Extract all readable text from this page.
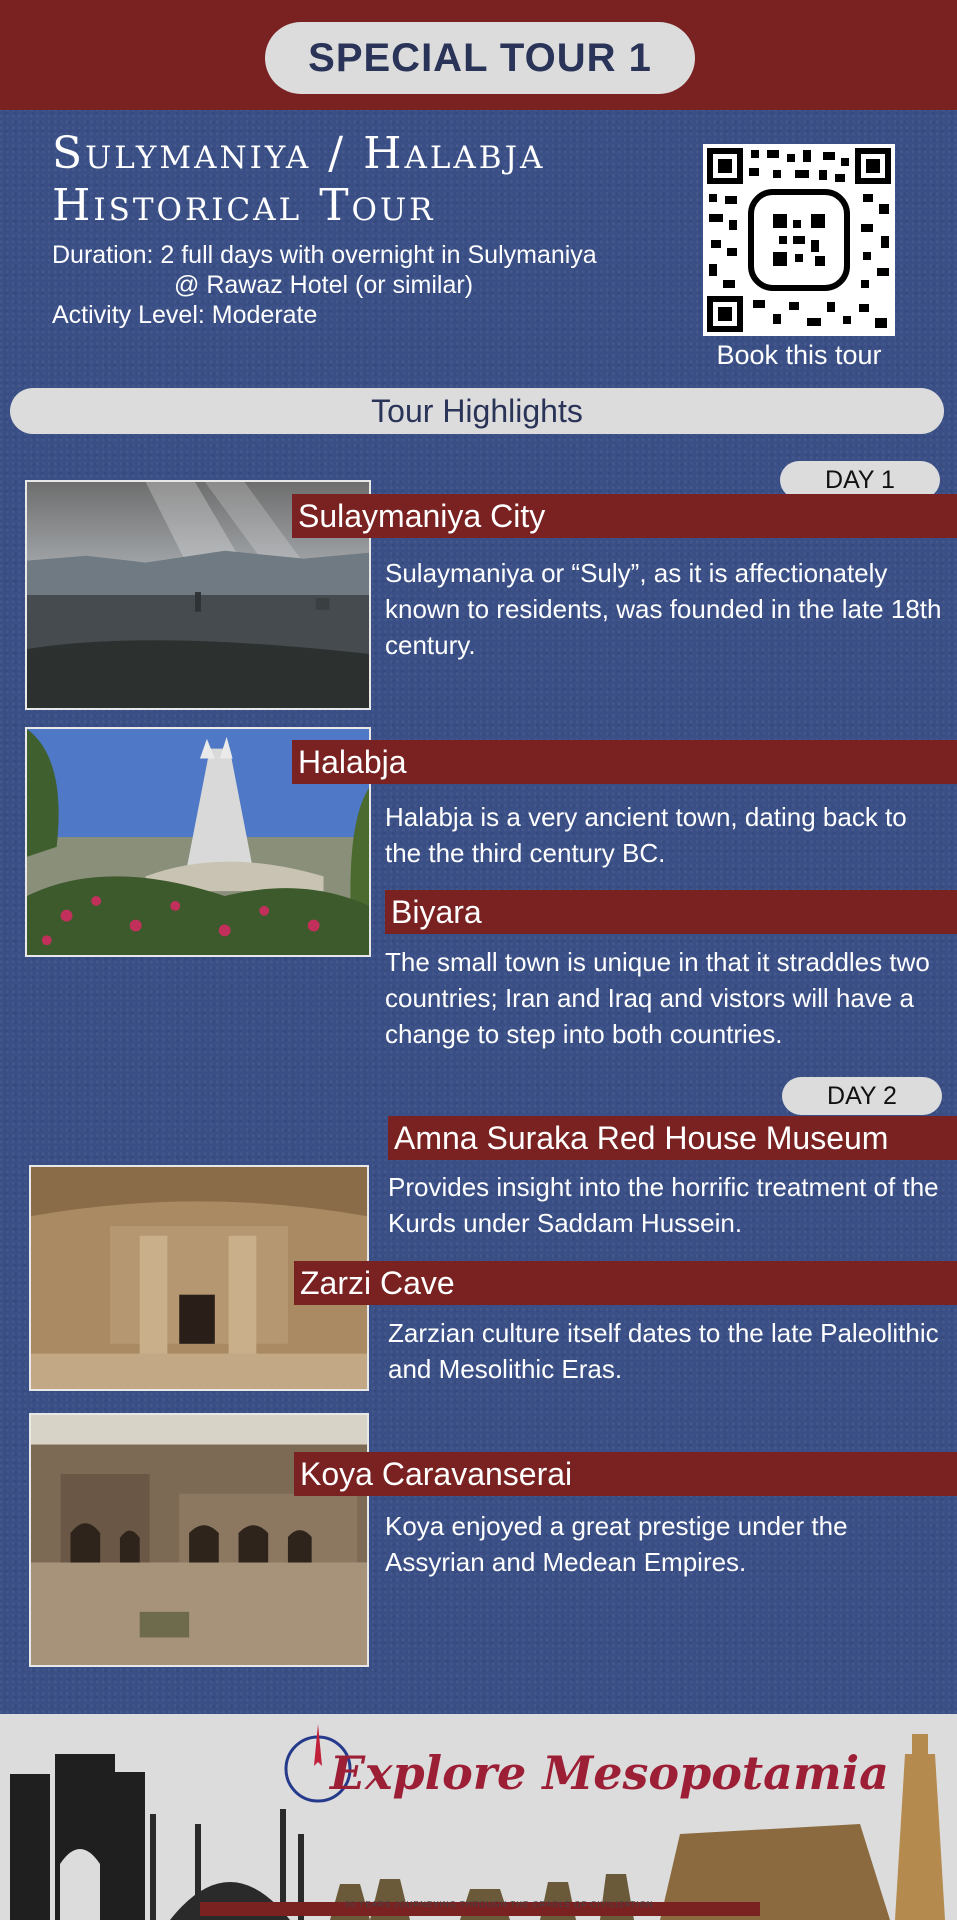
SPECIAL TOUR 1
Sulymaniya / Halabja
Historical Tour
Duration: 2 full days with overnight in Sulymaniya
@ Rawaz Hotel (or similar)
Activity Level: Moderate
Book this tour
Tour Highlights
DAY 1
Sulaymaniya City
Sulaymaniya or “Suly”, as it is affectionately known to residents, was founded in the late 18th century.
Halabja
Halabja is a very ancient town, dating back to the the third century BC.
Biyara
The small town is unique in that it straddles two countries; Iran and Iraq and vistors will have a change to step into both countries.
DAY 2
Amna Suraka Red House Museum
Provides insight into the horrific treatment of the Kurds under Saddam Hussein.
Zarzi Cave
Zarzian culture itself dates to the late Paleolithic and Mesolithic Eras.
Koya Caravanserai
Koya enjoyed a great prestige under the Assyrian and Medean Empires.
Explore Mesopotamia
30 YEARS JOURNEYING THROUGH THE CRADLE OF CIVILIZATION
